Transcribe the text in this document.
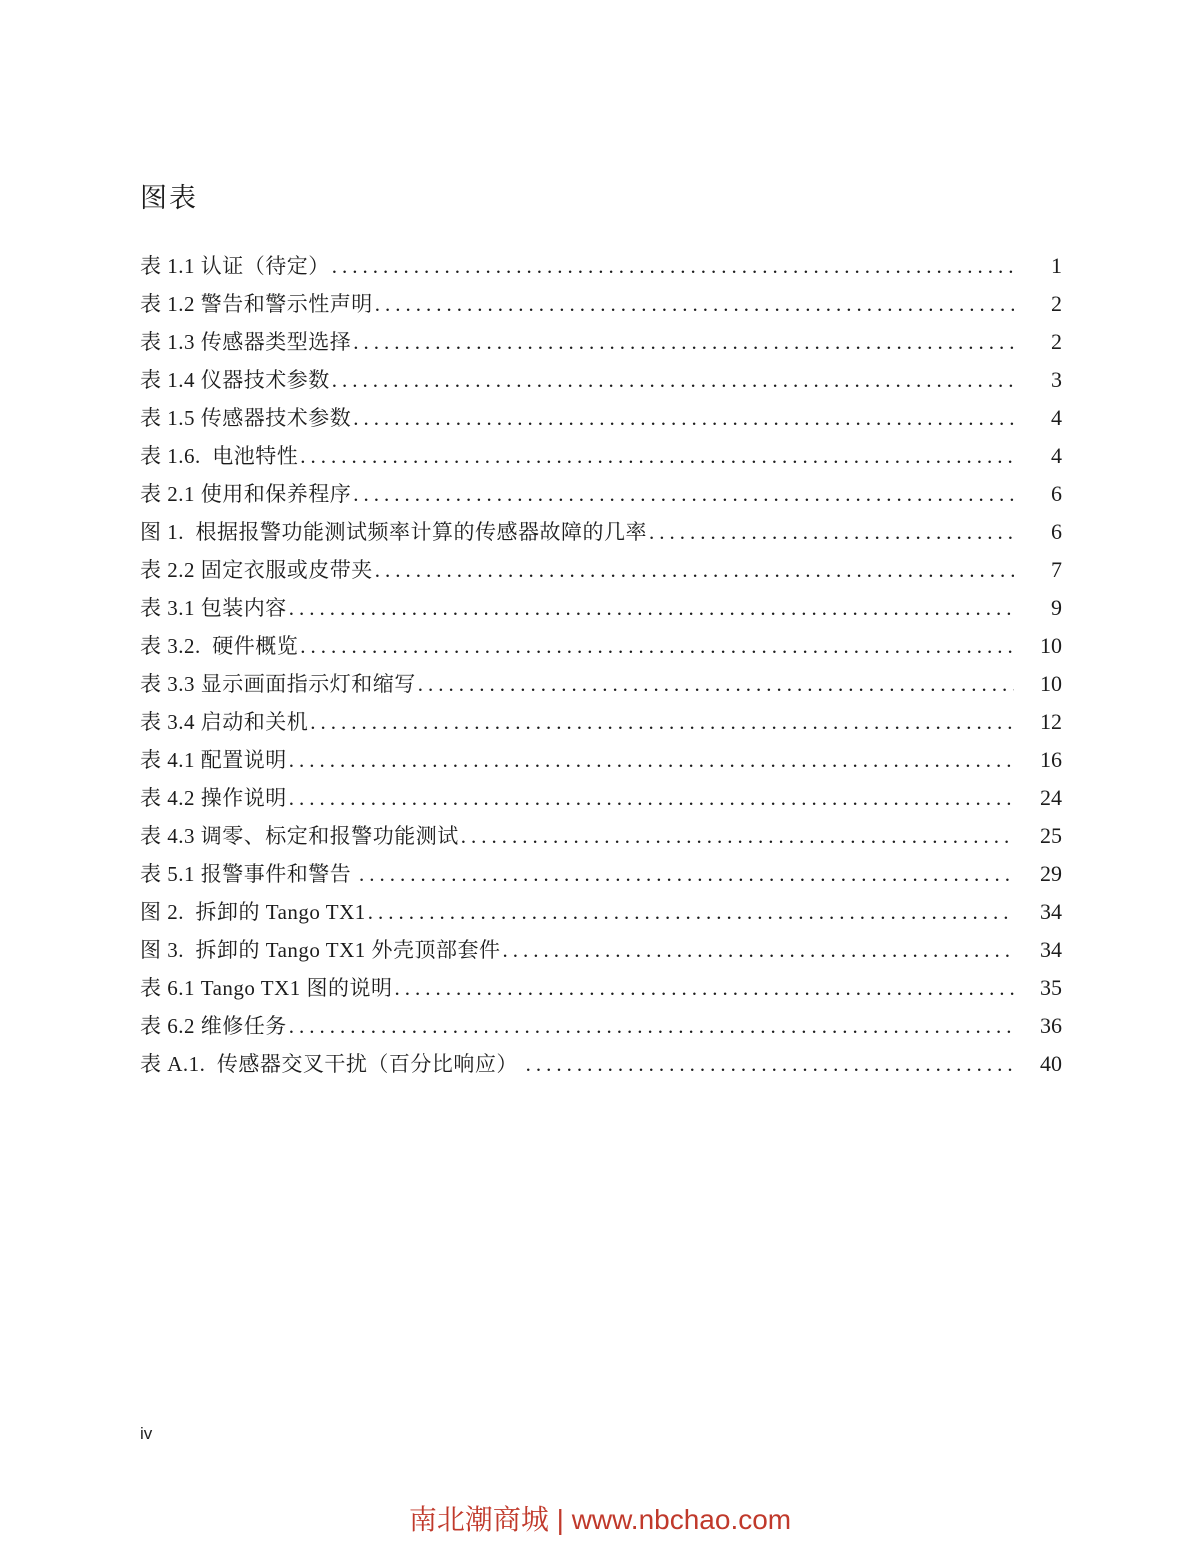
图表
表 1.1 认证（待定） .....	1
表 1.2 警告和警示性声明 .....	2
表 1.3 传感器类型选择 .....	2
表 1.4 仪器技术参数 .....	3
表 1.5 传感器技术参数 .....	4
表 1.6.  电池特性 .....	4
表 2.1 使用和保养程序 .....	6
图 1.  根据报警功能测试频率计算的传感器故障的几率 .....	6
表 2.2 固定衣服或皮带夹 .....	7
表 3.1 包装内容 .....	9
表 3.2.  硬件概览 .....	10
表 3.3 显示画面指示灯和缩写 .....	10
表 3.4 启动和关机 .....	12
表 4.1 配置说明 .....	16
表 4.2 操作说明 .....	24
表 4.3 调零、标定和报警功能测试 .....	25
表 5.1 报警事件和警告 .....	29
图 2.  拆卸的 Tango TX1 .....	34
图 3.  拆卸的 Tango TX1 外壳顶部套件 .....	34
表 6.1 Tango TX1 图的说明 .....	35
表 6.2 维修任务 .....	36
表 A.1.  传感器交叉干扰（百分比响应） .....	40
iv
南北潮商城 | www.nbchao.com
